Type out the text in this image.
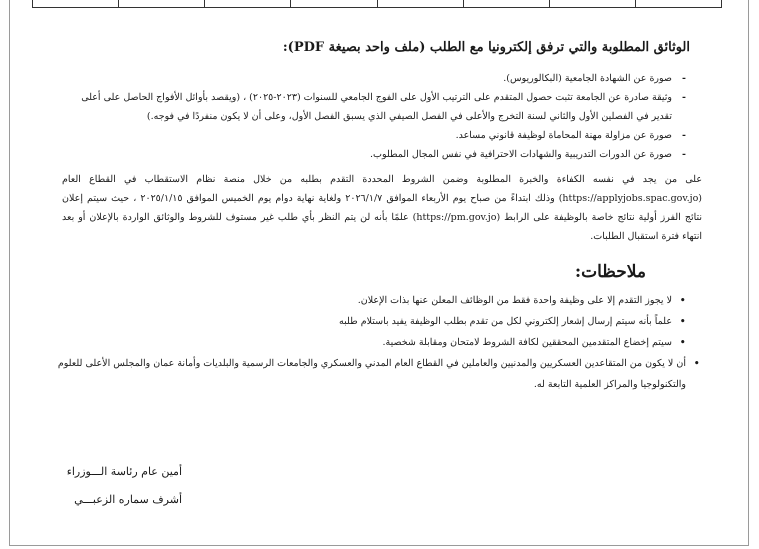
الوثائق المطلوبة والتي ترفق إلكترونيا مع الطلب (ملف واحد بصيغة PDF):
- صورة عن الشهادة الجامعية (البكالوريوس).
- وثيقة صادرة عن الجامعة تثبت حصول المتقدم على الترتيب الأول على الفوج الجامعي للسنوات (٢٠٢٣-٢٠٢٥) ، (ويقصد بأوائل الأفواج الحاصل على أعلى تقدير في الفصلين الأول والثاني لسنة التخرج والأعلى في الفصل الصيفي الذي يسبق الفصل الأول، وعلى أن لا يكون منفردًا في فوجه.)
- صورة عن مزاولة مهنة المحاماة لوظيفة قانوني مساعد.
- صورة عن الدورات التدريبية والشهادات الاحترافية في نفس المجال المطلوب.

على من يجد في نفسه الكفاءة والخبرة المطلوبة وضمن الشروط المحددة التقدم بطلبه من خلال منصة نظام الاستقطاب في القطاع العام (https://applyjobs.spac.gov.jo) وذلك ابتداءً من صباح يوم الأربعاء الموافق ٢٠٢٦/١/٧ ولغاية نهاية دوام يوم الخميس الموافق ٢٠٢٥/١/١٥ ، حيث سيتم إعلان نتائج الفرز أولية نتائج خاصة بالوظيفة على الرابط (https://pm.gov.jo) علمًا بأنه لن يتم النظر بأي طلب غير مستوف للشروط والوثائق الواردة بالإعلان أو بعد انتهاء فترة استقبال الطلبات.

ملاحظات:
• لا يجوز التقدم إلا على وظيفة واحدة فقط من الوظائف المعلن عنها بذات الإعلان.
• علماً بأنه سيتم إرسال إشعار إلكتروني لكل من تقدم بطلب الوظيفة يفيد باستلام طلبه
• سيتم إخضاع المتقدمين المحققين لكافة الشروط لامتحان ومقابلة شخصية.
• أن لا يكون من المتقاعدين العسكريين والمدنيين والعاملين في القطاع العام المدني والعسكري والجامعات الرسمية والبلديات وأمانة عمان والمجلس الأعلى للعلوم والتكنولوجيا والمراكز العلمية التابعة له.
أمين عام رئاسة الـــوزراء
أشرف سماره الزعبـــي
